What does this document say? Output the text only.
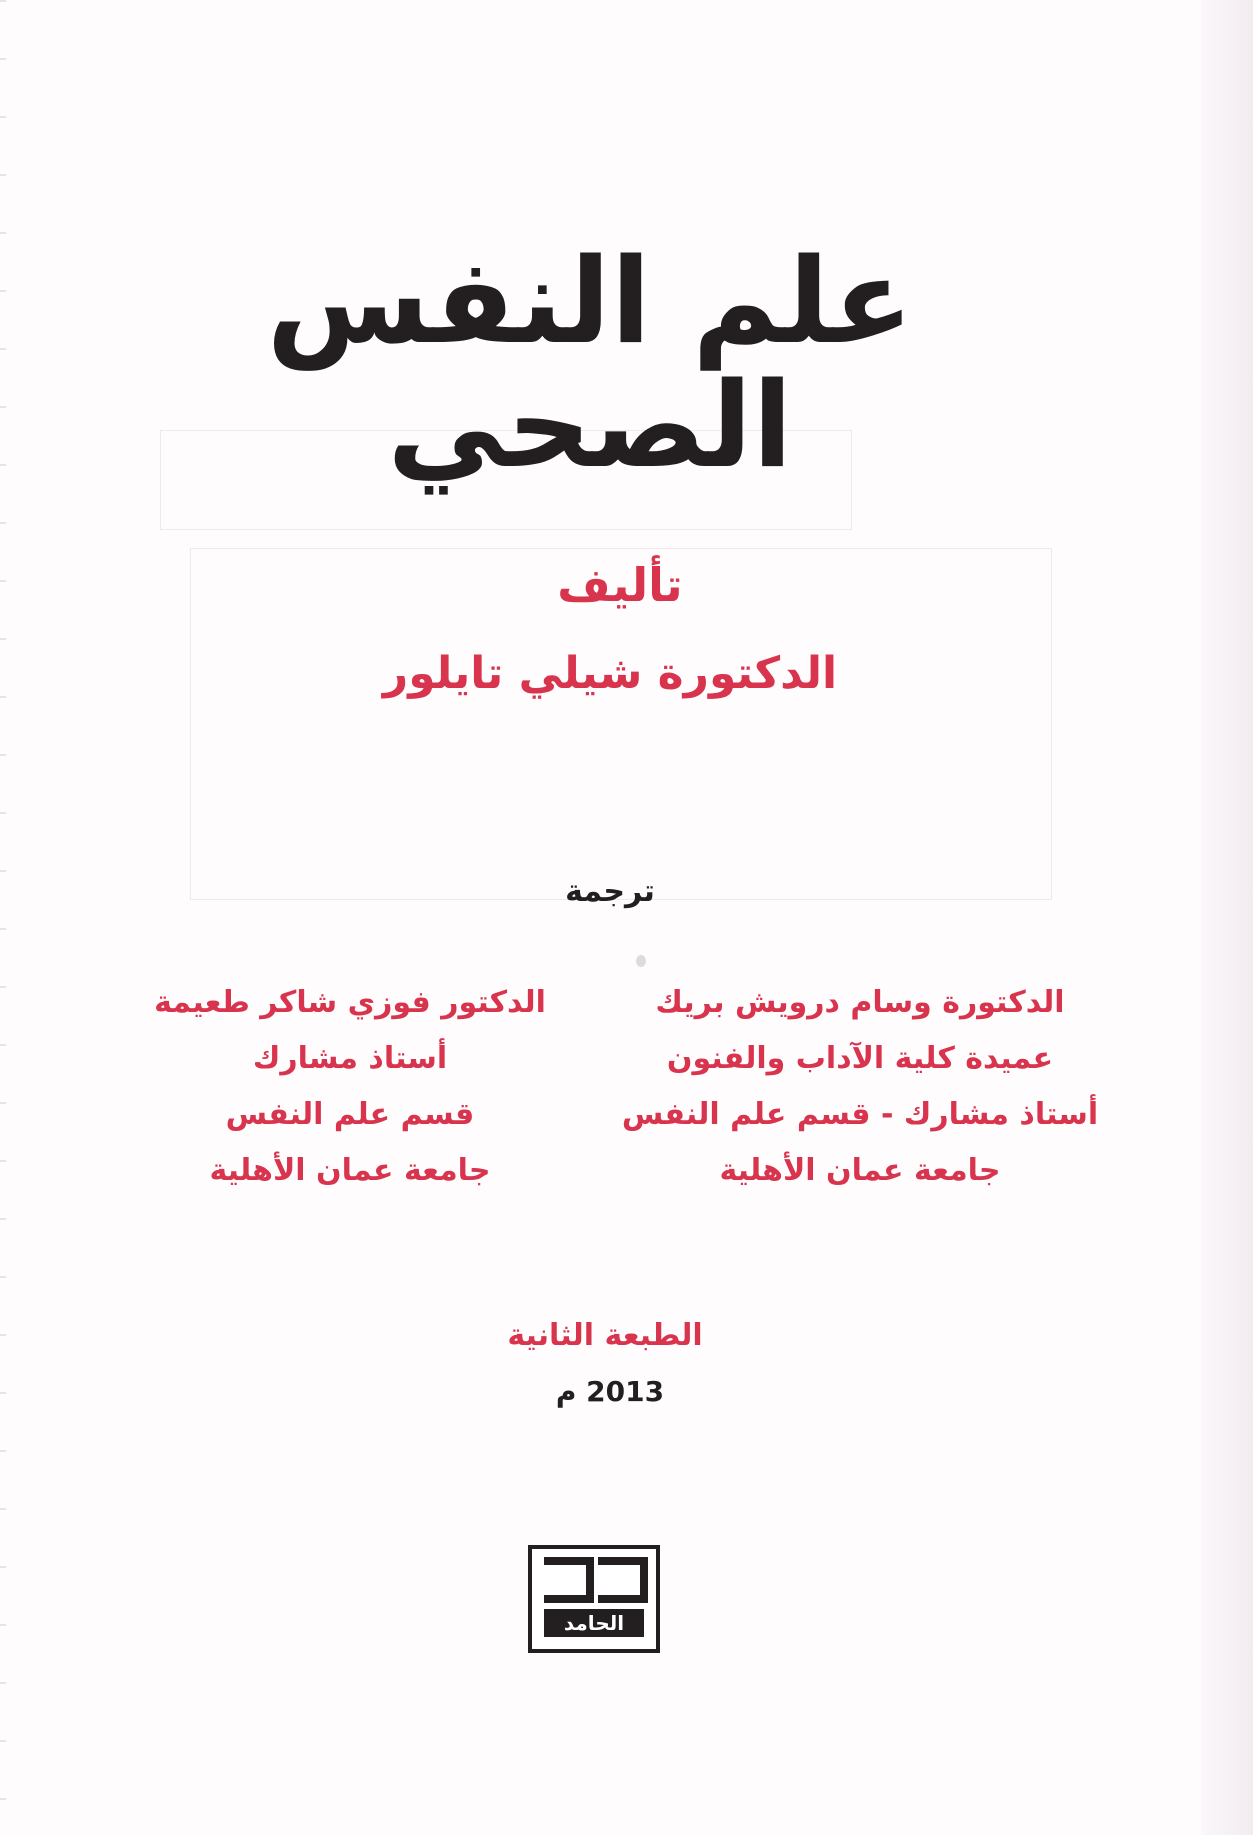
علم النفس الصحي
تأليف
الدكتورة شيلي تايلور
ترجمة
الدكتورة وسام درويش بريك
عميدة كلية الآداب والفنون
أستاذ مشارك - قسم علم النفس
جامعة عمان الأهلية
الدكتور فوزي شاكر طعيمة
أستاذ مشارك
قسم علم النفس
جامعة عمان الأهلية
الطبعة الثانية
2013 م
الحامد
